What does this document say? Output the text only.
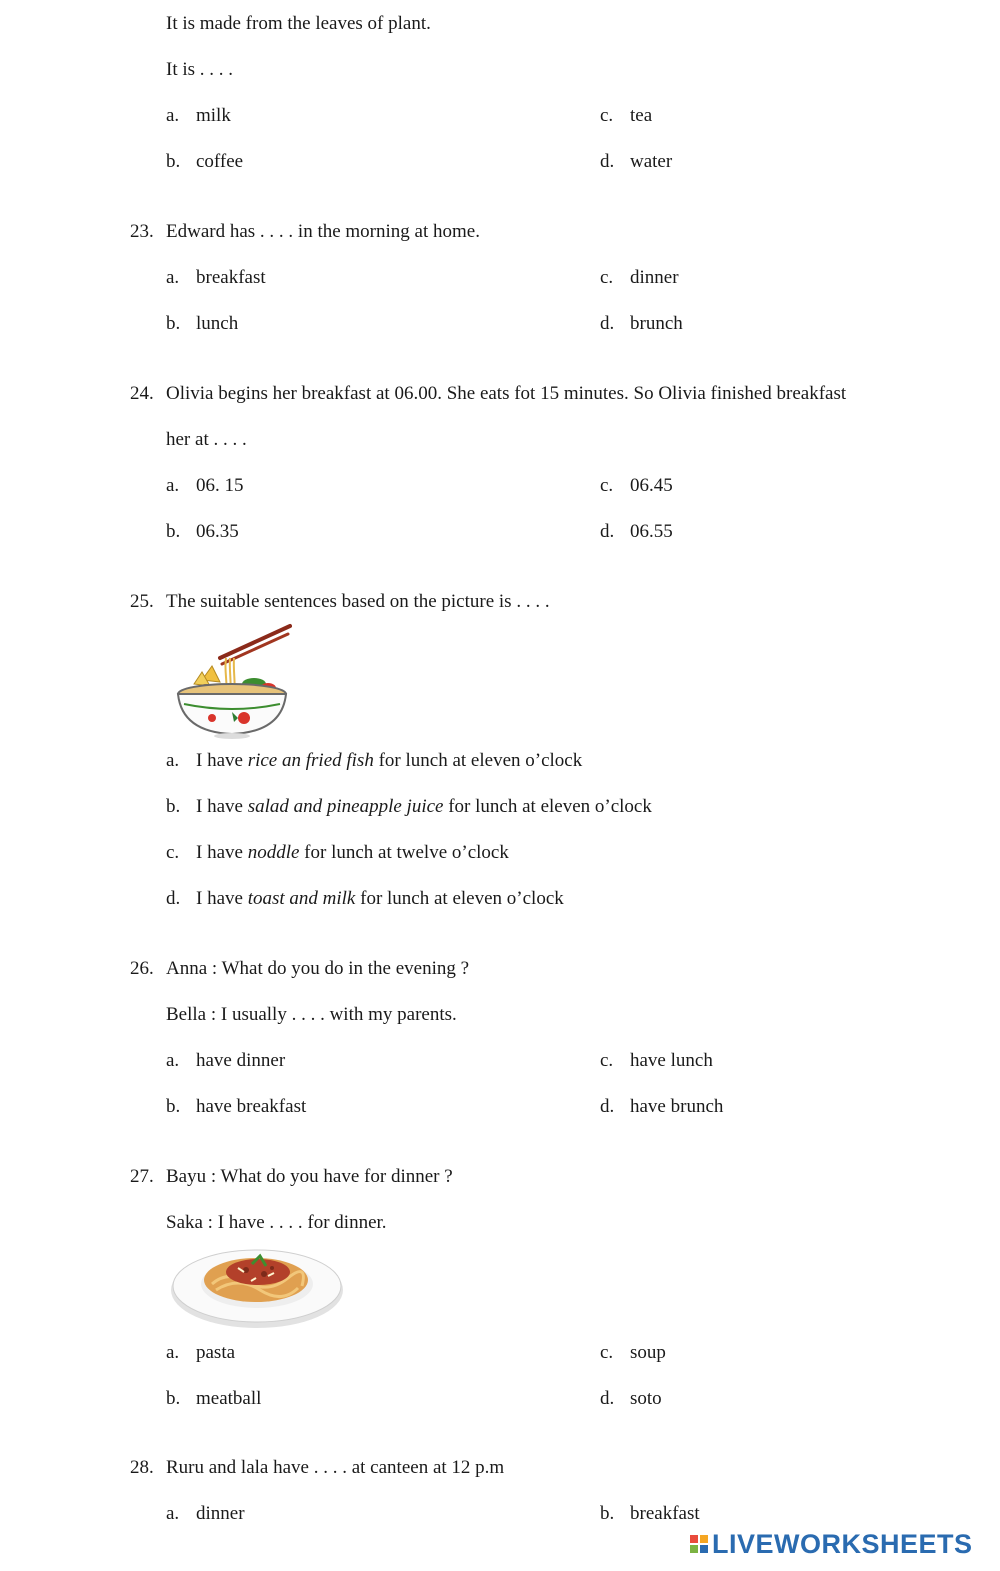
It is made from the leaves of plant.
It is . . . .
a. milk	c. tea
b. coffee	d. water
23. Edward has . . . . in the morning at home.
a. breakfast	c. dinner
b. lunch	d. brunch
24. Olivia begins her breakfast at 06.00. She eats fot 15 minutes. So Olivia finished breakfast
her at . . . .
a. 06. 15	c. 06.45
b. 06.35	d. 06.55
25. The suitable sentences based on the picture is . . . .
a. I have rice an fried fish for lunch at eleven o’clock
b. I have salad and pineapple juice for lunch at eleven o’clock
c. I have noddle for lunch at twelve o’clock
d. I have toast and milk for lunch at eleven o’clock
26. Anna : What do you do in the evening ?
Bella : I usually . . . . with my parents.
a. have dinner	c. have lunch
b. have breakfast	d. have brunch
27. Bayu : What do you have for dinner ?
Saka : I have . . . . for dinner.
a. pasta	c. soup
b. meatball	d. soto
28. Ruru and lala have . . . . at canteen at 12 p.m
a. dinner	b. breakfast
LIVEWORKSHEETS
